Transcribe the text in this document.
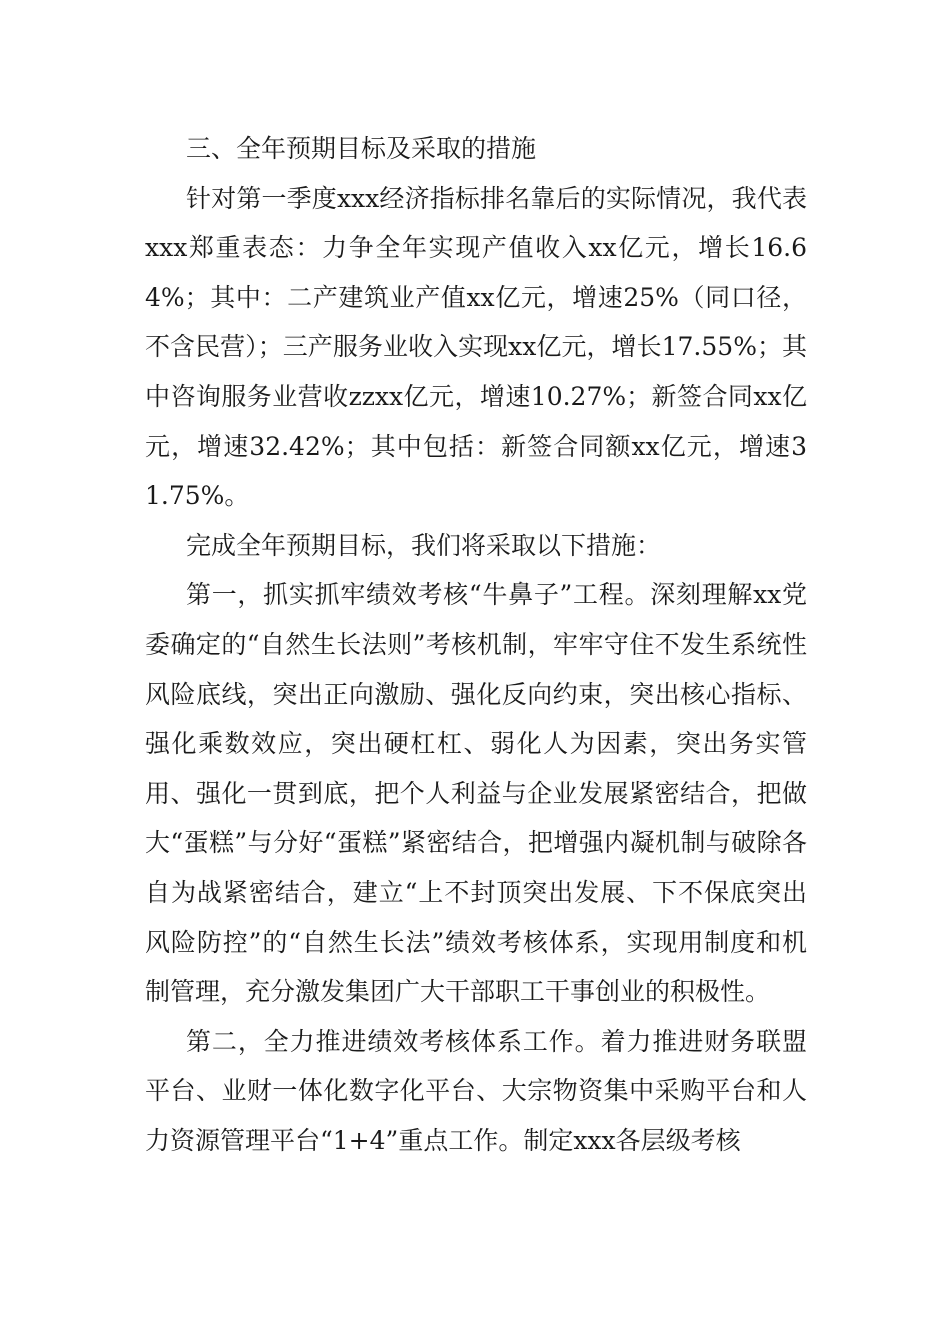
三、全年预期目标及采取的措施

针对第一季度xxx经济指标排名靠后的实际情况，我代表xxx郑重表态：力争全年实现产值收入xx亿元，增长16.64%；其中：二产建筑业产值xx亿元，增速25%（同口径，不含民营）；三产服务业收入实现xx亿元，增长17.55%；其中咨询服务业营收zzxx亿元，增速10.27%；新签合同xx亿元，增速32.42%；其中包括：新签合同额xx亿元，增速31.75%。

完成全年预期目标，我们将采取以下措施：

第一，抓实抓牢绩效考核“牛鼻子”工程。深刻理解xx党委确定的“自然生长法则”考核机制，牢牢守住不发生系统性风险底线，突出正向激励、强化反向约束，突出核心指标、强化乘数效应，突出硬杠杠、弱化人为因素，突出务实管用、强化一贯到底，把个人利益与企业发展紧密结合，把做大“蛋糕”与分好“蛋糕”紧密结合，把增强内凝机制与破除各自为战紧密结合，建立“上不封顶突出发展、下不保底突出风险防控”的“自然生长法”绩效考核体系，实现用制度和机制管理，充分激发集团广大干部职工干事创业的积极性。

第二，全力推进绩效考核体系工作。着力推进财务联盟平台、业财一体化数字化平台、大宗物资集中采购平台和人力资源管理平台“1+4”重点工作。制定xxx各层级考核
